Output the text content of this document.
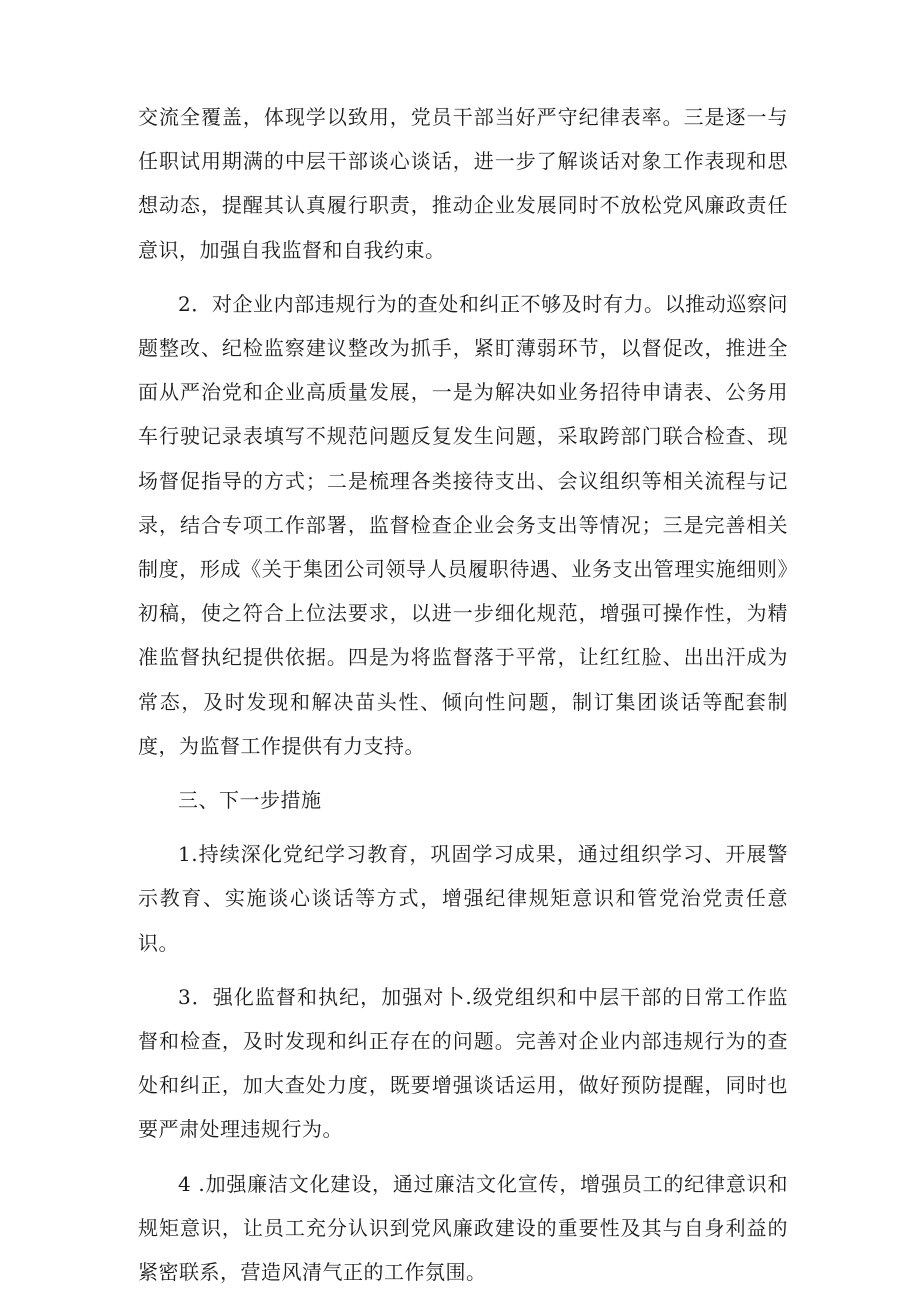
交流全覆盖，体现学以致用，党员干部当好严守纪律表率。三是逐一与任职试用期满的中层干部谈心谈话，进一步了解谈话对象工作表现和思想动态，提醒其认真履行职责，推动企业发展同时不放松党风廉政责任意识，加强自我监督和自我约束。

2．对企业内部违规行为的查处和纠正不够及时有力。以推动巡察问题整改、纪检监察建议整改为抓手，紧盯薄弱环节，以督促改，推进全面从严治党和企业高质量发展，一是为解决如业务招待申请表、公务用车行驶记录表填写不规范问题反复发生问题，采取跨部门联合检查、现场督促指导的方式；二是梳理各类接待支出、会议组织等相关流程与记录，结合专项工作部署，监督检查企业会务支出等情况；三是完善相关制度，形成《关于集团公司领导人员履职待遇、业务支出管理实施细则》初稿，使之符合上位法要求，以进一步细化规范，增强可操作性，为精准监督执纪提供依据。四是为将监督落于平常，让红红脸、出出汗成为常态，及时发现和解决苗头性、倾向性问题，制订集团谈话等配套制度，为监督工作提供有力支持。

三、下一步措施

1.持续深化党纪学习教育，巩固学习成果，通过组织学习、开展警示教育、实施谈心谈话等方式，增强纪律规矩意识和管党治党责任意识。

3．强化监督和执纪，加强对卜.级党组织和中层干部的日常工作监督和检查，及时发现和纠正存在的问题。完善对企业内部违规行为的查处和纠正，加大查处力度，既要增强谈话运用，做好预防提醒，同时也要严肃处理违规行为。

4 .加强廉洁文化建设，通过廉洁文化宣传，增强员工的纪律意识和规矩意识，让员工充分认识到党风廉政建设的重要性及其与自身利益的紧密联系，营造风清气正的工作氛围。
